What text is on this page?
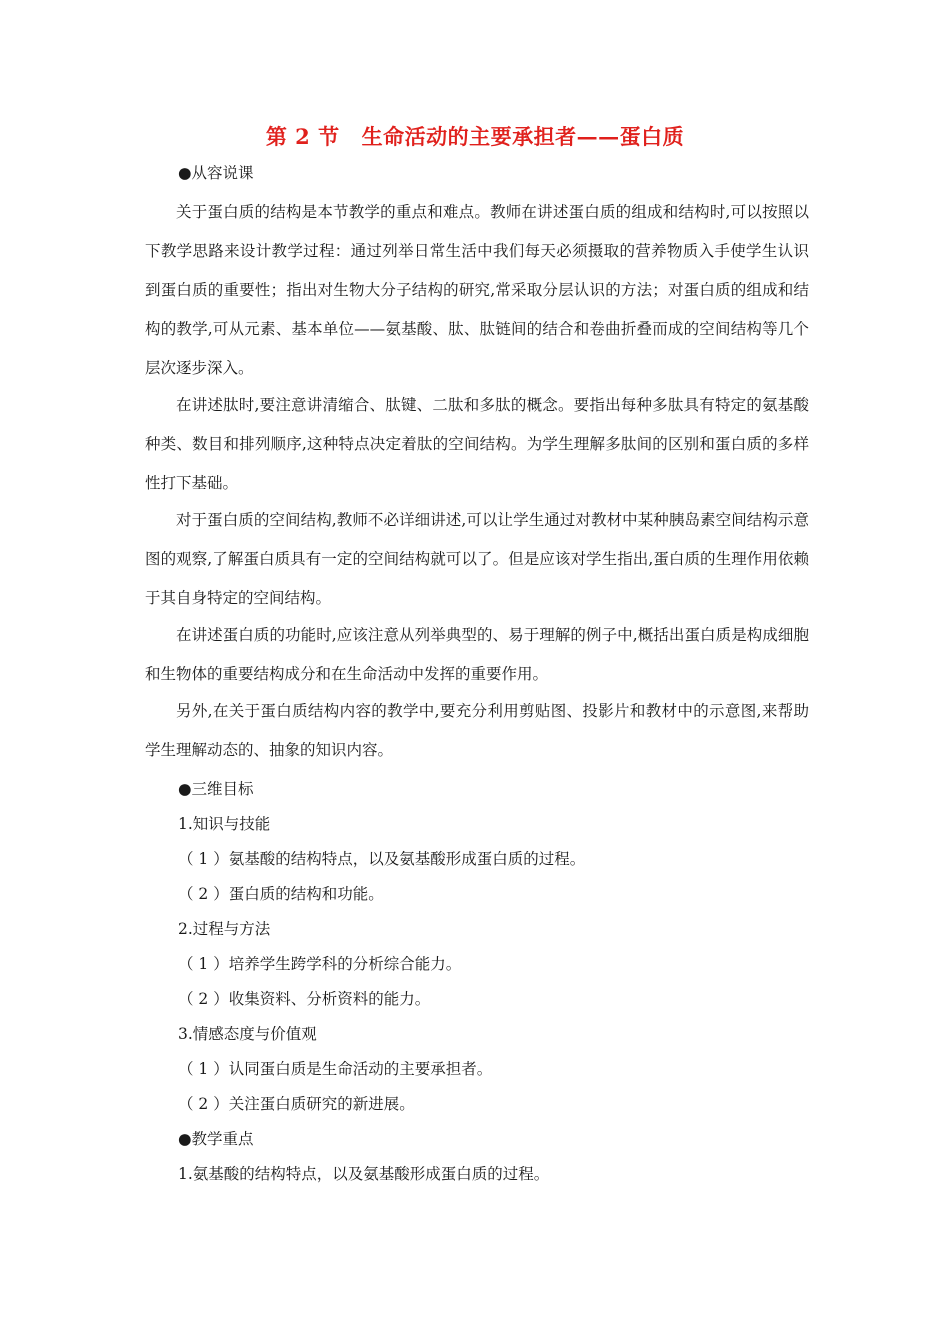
第 2 节 生命活动的主要承担者——蛋白质
●从容说课

关于蛋白质的结构是本节教学的重点和难点。教师在讲述蛋白质的组成和结构时,可以按照以下教学思路来设计教学过程：通过列举日常生活中我们每天必须摄取的营养物质入手使学生认识到蛋白质的重要性；指出对生物大分子结构的研究,常采取分层认识的方法；对蛋白质的组成和结构的教学,可从元素、基本单位——氨基酸、肽、肽链间的结合和卷曲折叠而成的空间结构等几个层次逐步深入。

在讲述肽时,要注意讲清缩合、肽键、二肽和多肽的概念。要指出每种多肽具有特定的氨基酸种类、数目和排列顺序,这种特点决定着肽的空间结构。为学生理解多肽间的区别和蛋白质的多样性打下基础。

对于蛋白质的空间结构,教师不必详细讲述,可以让学生通过对教材中某种胰岛素空间结构示意图的观察,了解蛋白质具有一定的空间结构就可以了。但是应该对学生指出,蛋白质的生理作用依赖于其自身特定的空间结构。

在讲述蛋白质的功能时,应该注意从列举典型的、易于理解的例子中,概括出蛋白质是构成细胞和生物体的重要结构成分和在生命活动中发挥的重要作用。

另外,在关于蛋白质结构内容的教学中,要充分利用剪贴图、投影片和教材中的示意图,来帮助学生理解动态的、抽象的知识内容。

●三维目标
1.知识与技能
（ 1 ）氨基酸的结构特点，以及氨基酸形成蛋白质的过程。
（ 2 ）蛋白质的结构和功能。
2.过程与方法
（ 1 ）培养学生跨学科的分析综合能力。
（ 2 ）收集资料、分析资料的能力。
3.情感态度与价值观
（ 1 ）认同蛋白质是生命活动的主要承担者。
（ 2 ）关注蛋白质研究的新进展。
●教学重点
1.氨基酸的结构特点，以及氨基酸形成蛋白质的过程。
